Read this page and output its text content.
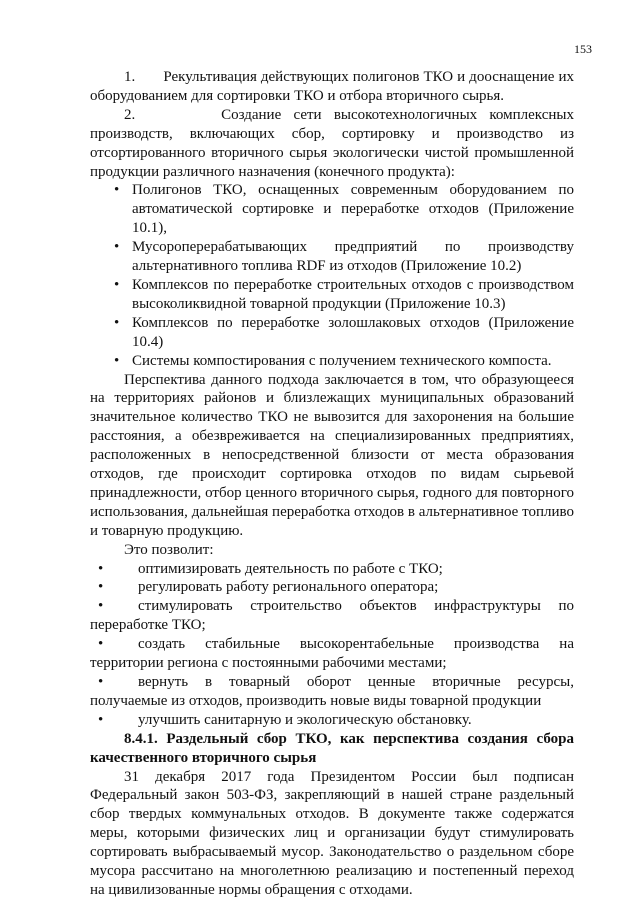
153

1.       Рекультивация действующих полигонов ТКО и дооснащение их оборудованием для сортировки ТКО и отбора вторичного сырья.

2.       Создание сети высокотехнологичных комплексных производств, включающих сбор, сортировку и производство из отсортированного вторичного сырья экологически чистой промышленной продукции различного назначения (конечного продукта):

• Полигонов ТКО, оснащенных современным оборудованием по автоматической сортировке и переработке отходов (Приложение 10.1),
• Мусороперерабатывающих предприятий по производству альтернативного топлива RDF из отходов (Приложение 10.2)
• Комплексов по переработке строительных отходов с производством высоколиквидной товарной продукции (Приложение 10.3)
• Комплексов по переработке золошлаковых отходов (Приложение 10.4)
• Системы компостирования с получением технического компоста.

Перспектива данного подхода заключается в том, что образующееся на территориях районов и близлежащих муниципальных образований значительное количество ТКО не вывозится для захоронения на большие расстояния, а обезвреживается на специализированных предприятиях, расположенных в непосредственной близости от места образования отходов, где происходит сортировка отходов по видам сырьевой принадлежности, отбор ценного вторичного сырья, годного для повторного использования, дальнейшая переработка отходов в альтернативное топливо и товарную продукцию.

Это позволит:

• оптимизировать деятельность по работе с ТКО;

• регулировать работу регионального оператора;

• стимулировать строительство объектов инфраструктуры по переработке ТКО;

• создать стабильные высокорентабельные производства на территории региона с постоянными рабочими местами;

• вернуть в товарный оборот ценные вторичные ресурсы, получаемые из отходов, производить новые виды товарной продукции

• улучшить санитарную и экологическую обстановку.

8.4.1. Раздельный сбор ТКО, как перспектива создания сбора качественного вторичного сырья

31 декабря 2017 года Президентом России был подписан Федеральный закон 503-ФЗ, закрепляющий в нашей стране раздельный сбор твердых коммунальных отходов. В документе также содержатся меры, которыми физических лиц и организации будут стимулировать сортировать выбрасываемый мусор. Законодательство о раздельном сборе мусора рассчитано на многолетнюю реализацию и постепенный переход на цивилизованные нормы обращения с отходами.
